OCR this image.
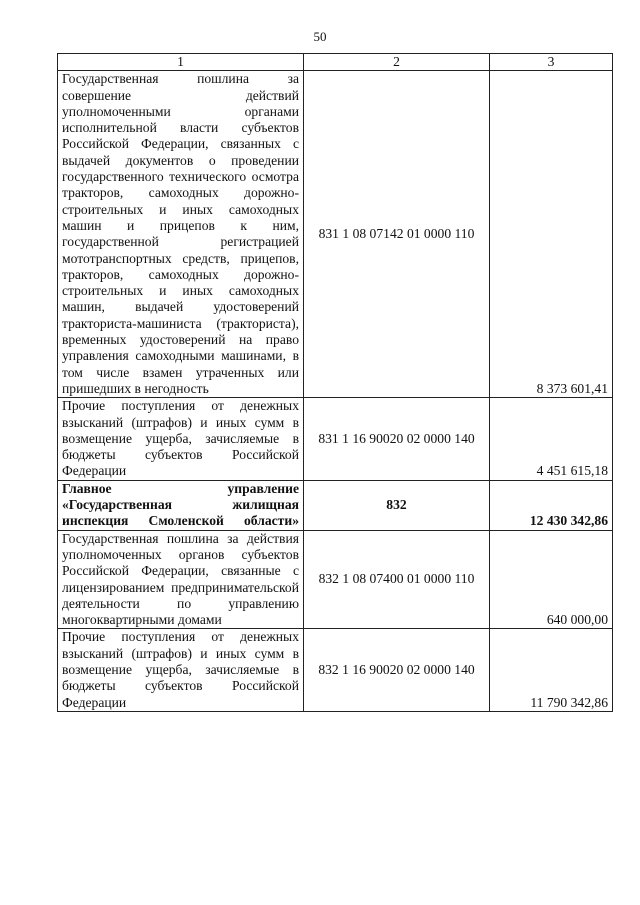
50
1	2	3
Государственная пошлина за совершение действий уполномоченными органами исполнительной власти субъектов Российской Федерации, связанных с выдачей документов о проведении государственного технического осмотра тракторов, самоходных дорожно-строительных и иных самоходных машин и прицепов к ним, государственной регистрацией мототранспортных средств, прицепов, тракторов, самоходных дорожно-строительных и иных самоходных машин, выдачей удостоверений тракториста-машиниста (тракториста), временных удостоверений на право управления самоходными машинами, в том числе взамен утраченных или пришедших в негодность	831 1 08 07142 01 0000 110	8 373 601,41
Прочие поступления от денежных взысканий (штрафов) и иных сумм в возмещение ущерба, зачисляемые в бюджеты субъектов Российской Федерации	831 1 16 90020 02 0000 140	4 451 615,18
Главное управление «Государственная жилищная инспекция Смоленской области»	832	12 430 342,86
Государственная пошлина за действия уполномоченных органов субъектов Российской Федерации, связанные с лицензированием предпринимательской деятельности по управлению многоквартирными домами	832 1 08 07400 01 0000 110	640 000,00
Прочие поступления от денежных взысканий (штрафов) и иных сумм в возмещение ущерба, зачисляемые в бюджеты субъектов Российской Федерации	832 1 16 90020 02 0000 140	11 790 342,86
